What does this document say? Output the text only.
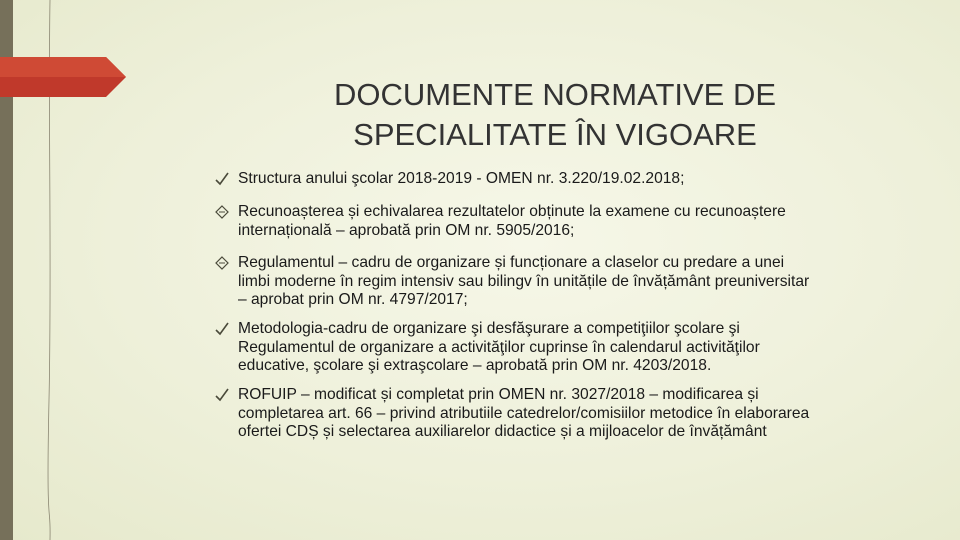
DOCUMENTE NORMATIVE DE
SPECIALITATE ÎN VIGOARE
Structura anului şcolar 2018-2019 - OMEN nr. 3.220/19.02.2018;
Recunoașterea și echivalarea rezultatelor obținute la examene cu recunoaștere
internațională – aprobată prin OM nr. 5905/2016;
Regulamentul – cadru de organizare și funcționare a claselor cu predare a unei
limbi moderne în regim intensiv sau bilingv în unitățile de învățământ preuniversitar
– aprobat prin OM nr. 4797/2017;
Metodologia-cadru de organizare şi desfăşurare a competiţiilor şcolare şi
Regulamentul de organizare a activităţilor cuprinse în calendarul activităţilor
educative, şcolare şi extraşcolare – aprobată prin OM nr. 4203/2018.
ROFUIP – modificat și completat prin OMEN nr. 3027/2018 – modificarea și
completarea art. 66 – privind atributiile catedrelor/comisiilor metodice în elaborarea
ofertei CDȘ și selectarea auxiliarelor didactice și a mijloacelor de învățământ
